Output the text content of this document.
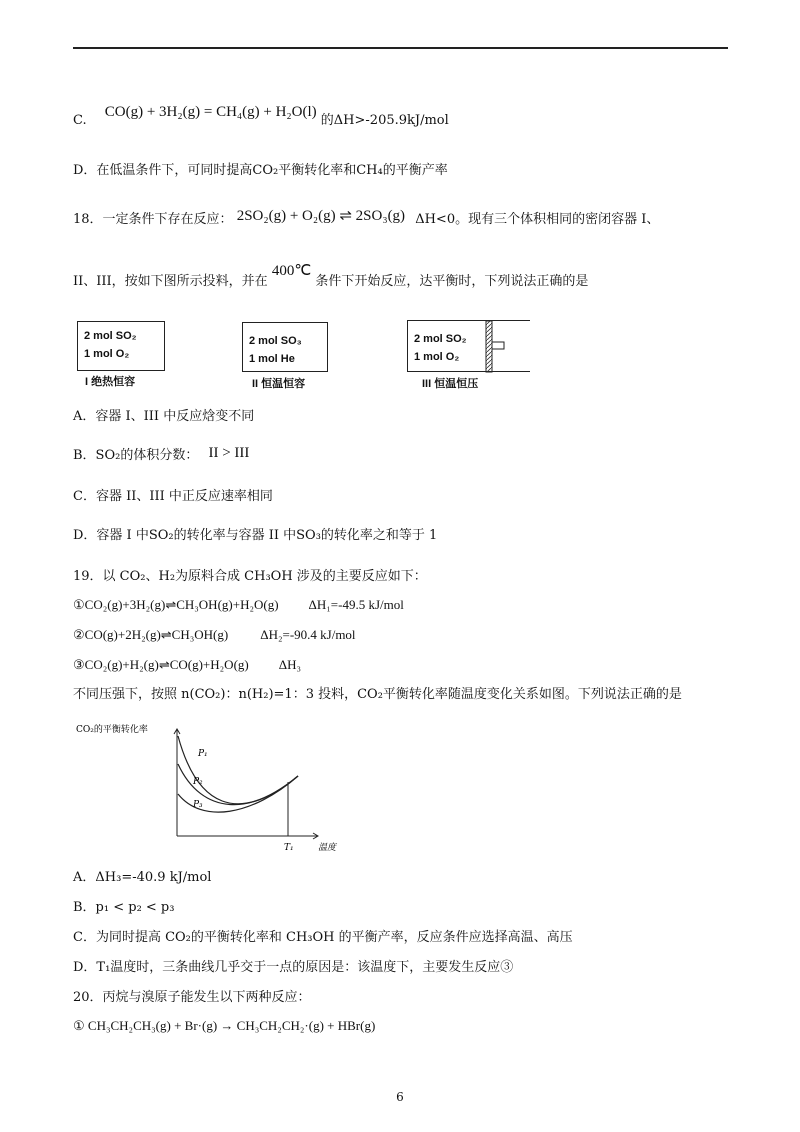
C. CO(g) + 3H₂(g) = CH₄(g) + H₂O(l) 的ΔH>-205.9kJ/mol
D．在低温条件下，可同时提高CO₂平衡转化率和CH₄的平衡产率
18．一定条件下存在反应： 2SO₂(g) + O₂(g) ⇌ 2SO₃(g) ΔH<0。现有三个体积相同的密闭容器 I、
II、III，按如下图所示投料，并在 400℃ 条件下开始反应，达平衡时，下列说法正确的是
2 mol SO₂
1 mol O₂
I 绝热恒容
2 mol SO₃
1 mol He
II 恒温恒容
2 mol SO₂
1 mol O₂
III 恒温恒压
A．容器 I、III 中反应焓变不同
B．SO₂的体积分数： II > III
C．容器 II、III 中正反应速率相同
D．容器 I 中SO₂的转化率与容器 II 中SO₃的转化率之和等于 1
19．以 CO₂、H₂为原料合成 CH₃OH 涉及的主要反应如下：
①CO₂(g)+3H₂(g)⇌CH₃OH(g)+H₂O(g) ΔH₁=-49.5 kJ/mol
②CO(g)+2H₂(g)⇌CH₃OH(g) ΔH₂=-90.4 kJ/mol
③CO₂(g)+H₂(g)⇌CO(g)+H₂O(g) ΔH₃
不同压强下，按照 n(CO₂)：n(H₂)=1：3 投料，CO₂平衡转化率随温度变化关系如图。下列说法正确的是
CO₂的平衡转化率
P₁
P₂
P₃
T₁	温度
A．ΔH₃=-40.9 kJ/mol
B．p₁ < p₂ < p₃
C．为同时提高 CO₂的平衡转化率和 CH₃OH 的平衡产率，反应条件应选择高温、高压
D．T₁温度时，三条曲线几乎交于一点的原因是：该温度下，主要发生反应③
20．丙烷与溴原子能发生以下两种反应：
① CH₃CH₂CH₃(g) + Br·(g) → CH₃CH₂CH₂·(g) + HBr(g)
6
